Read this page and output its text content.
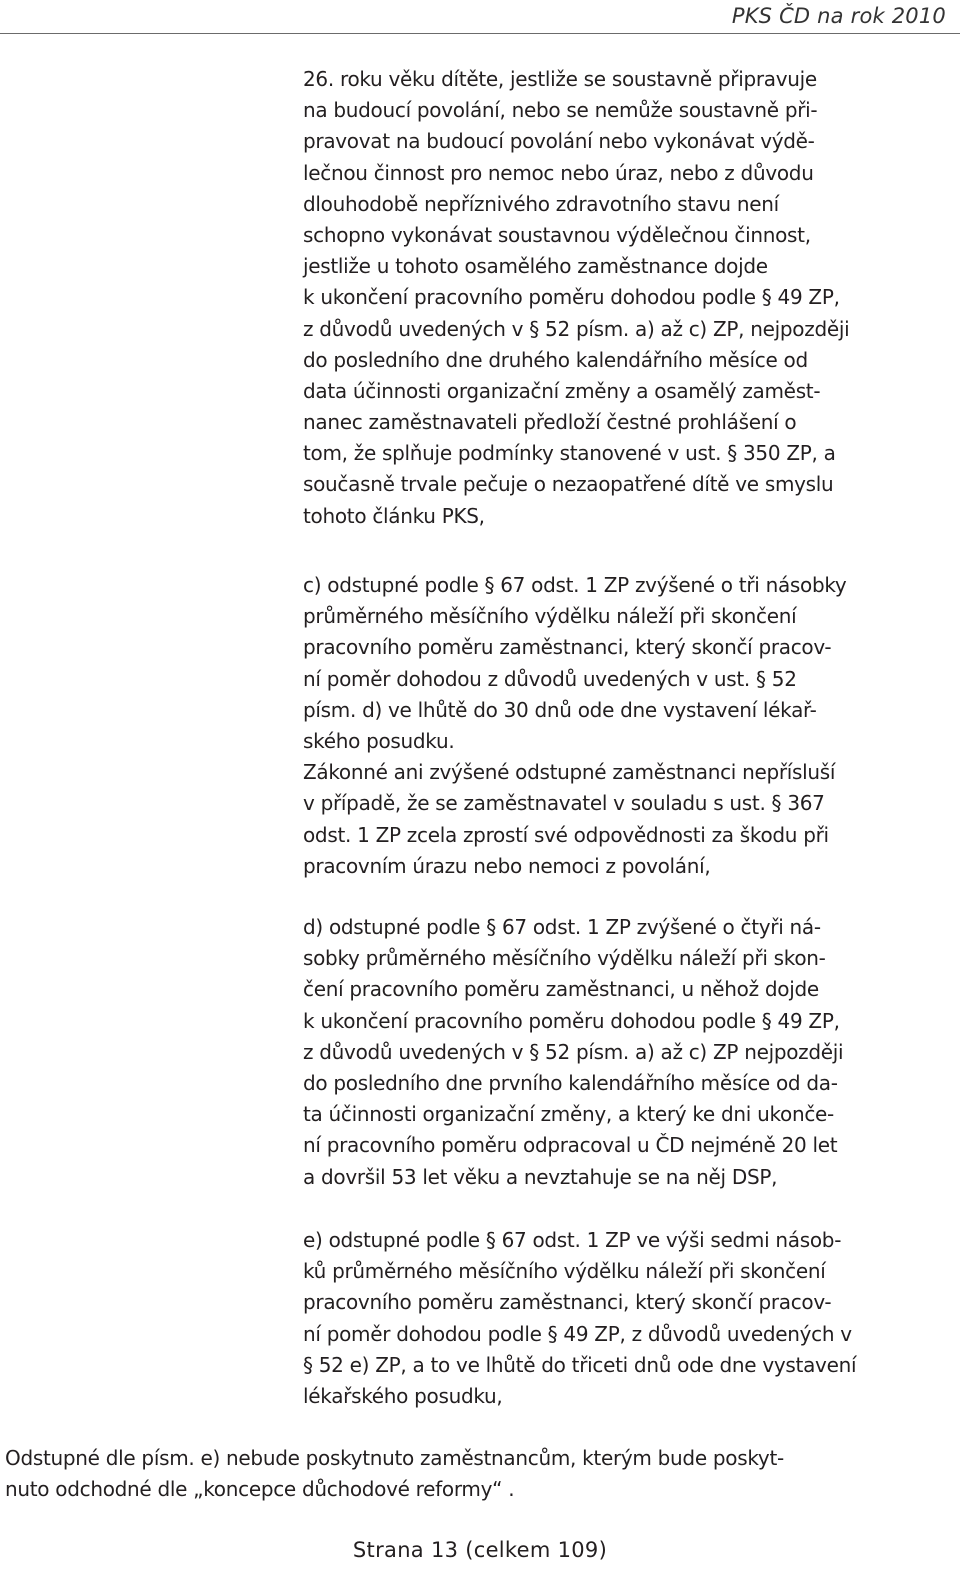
PKS ČD na rok 2010
26. roku věku dítěte, jestliže se soustavně připravuje
na budoucí povolání, nebo se nemůže soustavně při-
pravovat na budoucí povolání nebo vykonávat výdě-
lečnou činnost pro nemoc nebo úraz, nebo z důvodu
dlouhodobě nepříznivého zdravotního stavu není
schopno vykonávat soustavnou výdělečnou činnost,
jestliže u tohoto osamělého zaměstnance dojde
k ukončení pracovního poměru dohodou podle § 49 ZP,
z důvodů uvedených v § 52 písm. a) až c) ZP, nejpozději
do posledního dne druhého kalendářního měsíce od
data účinnosti organizační změny a osamělý zaměst-
nanec zaměstnavateli předloží čestné prohlášení o
tom, že splňuje podmínky stanovené v ust. § 350 ZP, a
současně trvale pečuje o nezaopatřené dítě ve smyslu
tohoto článku PKS,
c) odstupné podle § 67 odst. 1 ZP zvýšené o tři násobky
průměrného měsíčního výdělku náleží při skončení
pracovního poměru zaměstnanci, který skončí pracov-
ní poměr dohodou z důvodů uvedených v ust. § 52
písm. d) ve lhůtě do 30 dnů ode dne vystavení lékař-
ského posudku.
Zákonné ani zvýšené odstupné zaměstnanci nepřísluší
v případě, že se zaměstnavatel v souladu s ust. § 367
odst. 1 ZP zcela zprostí své odpovědnosti za škodu při
pracovním úrazu nebo nemoci z povolání,
d) odstupné podle § 67 odst. 1 ZP zvýšené o čtyři ná-
sobky průměrného měsíčního výdělku náleží při skon-
čení pracovního poměru zaměstnanci, u něhož dojde
k ukončení pracovního poměru dohodou podle § 49 ZP,
z důvodů uvedených v § 52 písm. a) až c) ZP nejpozději
do posledního dne prvního kalendářního měsíce od da-
ta účinnosti organizační změny, a který ke dni ukonče-
ní pracovního poměru odpracoval u ČD nejméně 20 let
a dovršil 53 let věku a nevztahuje se na něj DSP,
e) odstupné podle § 67 odst. 1 ZP ve výši sedmi násob-
ků průměrného měsíčního výdělku náleží při skončení
pracovního poměru zaměstnanci, který skončí pracov-
ní poměr dohodou podle § 49 ZP, z důvodů uvedených v
§ 52 e) ZP, a to ve lhůtě do třiceti dnů ode dne vystavení
lékařského posudku,
Odstupné dle písm. e) nebude poskytnuto zaměstnancům, kterým bude poskyt-
nuto odchodné dle „koncepce důchodové reformy“ .
Strana 13 (celkem 109)
